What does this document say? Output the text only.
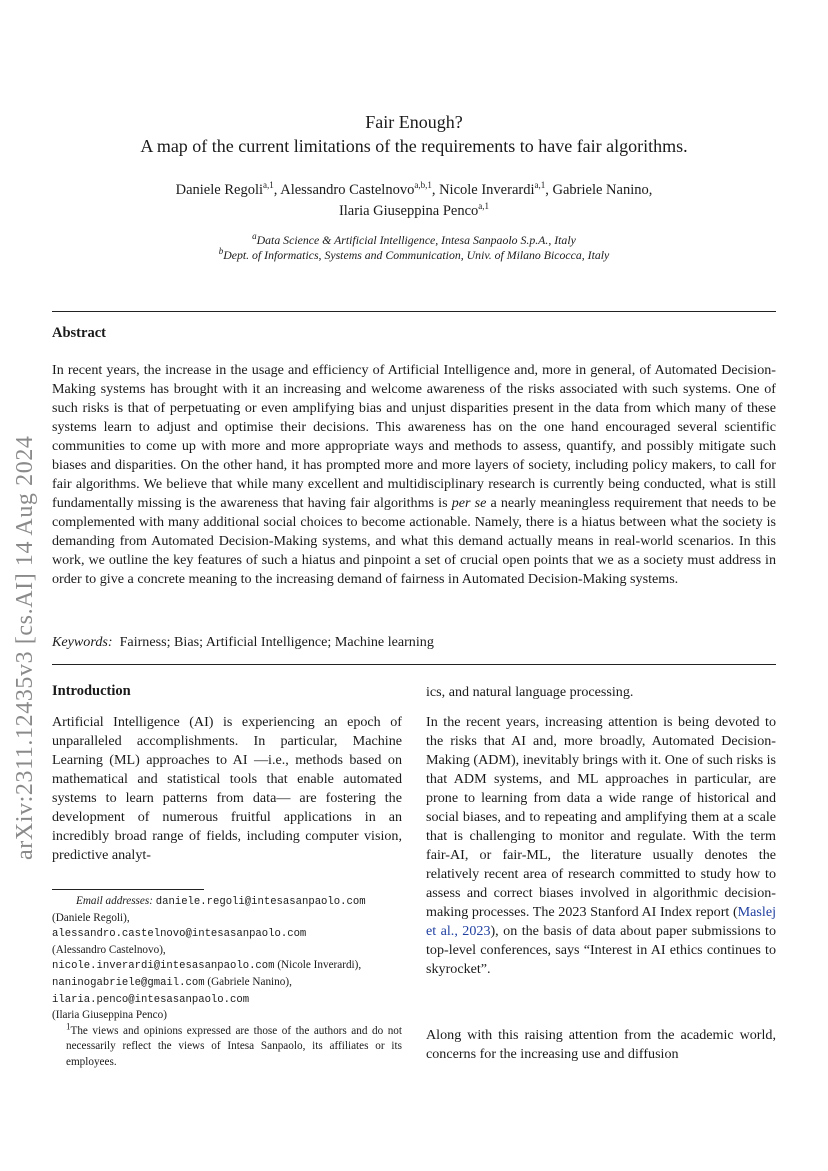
arXiv:2311.12435v3 [cs.AI] 14 Aug 2024
Fair Enough?
A map of the current limitations of the requirements to have fair algorithms.
Daniele Regoli$^{a,1}$, Alessandro Castelnovo$^{a,b,1}$, Nicole Inverardi$^{a,1}$, Gabriele Nanino,
Ilaria Giuseppina Penco$^{a,1}$
$^a$Data Science & Artificial Intelligence, Intesa Sanpaolo S.p.A., Italy
$^b$Dept. of Informatics, Systems and Communication, Univ. of Milano Bicocca, Italy
Abstract
In recent years, the increase in the usage and efficiency of Artificial Intelligence and, more in general, of Automated Decision-Making systems has brought with it an increasing and welcome awareness of the risks associated with such systems. One of such risks is that of perpetuating or even amplifying bias and unjust disparities present in the data from which many of these systems learn to adjust and optimise their decisions. This awareness has on the one hand encouraged several scientific communities to come up with more and more appropriate ways and methods to assess, quantify, and possibly mitigate such biases and disparities. On the other hand, it has prompted more and more layers of society, including policy makers, to call for fair algorithms. We believe that while many excellent and multidisciplinary research is currently being conducted, what is still fundamentally missing is the awareness that having fair algorithms is per se a nearly meaningless requirement that needs to be complemented with many additional social choices to become actionable. Namely, there is a hiatus between what the society is demanding from Automated Decision-Making systems, and what this demand actually means in real-world scenarios. In this work, we outline the key features of such a hiatus and pinpoint a set of crucial open points that we as a society must address in order to give a concrete meaning to the increasing demand of fairness in Automated Decision-Making systems.
Keywords: Fairness; Bias; Artificial Intelligence; Machine learning
Introduction
Artificial Intelligence (AI) is experiencing an epoch of unparalleled accomplishments. In particular, Machine Learning (ML) approaches to AI —i.e., methods based on mathematical and statistical tools that enable automated systems to learn patterns from data— are fostering the development of numerous fruitful applications in an incredibly broad range of fields, including computer vision, predictive analyt-
ics, and natural language processing.
In the recent years, increasing attention is being devoted to the risks that AI and, more broadly, Automated Decision-Making (ADM), inevitably brings with it. One of such risks is that ADM systems, and ML approaches in particular, are prone to learning from data a wide range of historical and social biases, and to repeating and amplifying them at a scale that is challenging to monitor and regulate. With the term fair-AI, or fair-ML, the literature usually denotes the relatively recent area of research committed to study how to assess and correct biases involved in algorithmic decision-making processes. The 2023 Stanford AI Index report (Maslej et al., 2023), on the basis of data about paper submissions to top-level conferences, says “Interest in AI ethics continues to skyrocket”.
Along with this raising attention from the academic world, concerns for the increasing use and diffusion
Email addresses: daniele.regoli@intesasanpaolo.com
(Daniele Regoli),
alessandro.castelnovo@intesasanpaolo.com
(Alessandro Castelnovo),
nicole.inverardi@intesasanpaolo.com (Nicole Inverardi),
naninogabriele@gmail.com (Gabriele Nanino),
ilaria.penco@intesasanpaolo.com
(Ilaria Giuseppina Penco)
$^1$The views and opinions expressed are those of the authors and do not necessarily reflect the views of Intesa Sanpaolo, its affiliates or its employees.
